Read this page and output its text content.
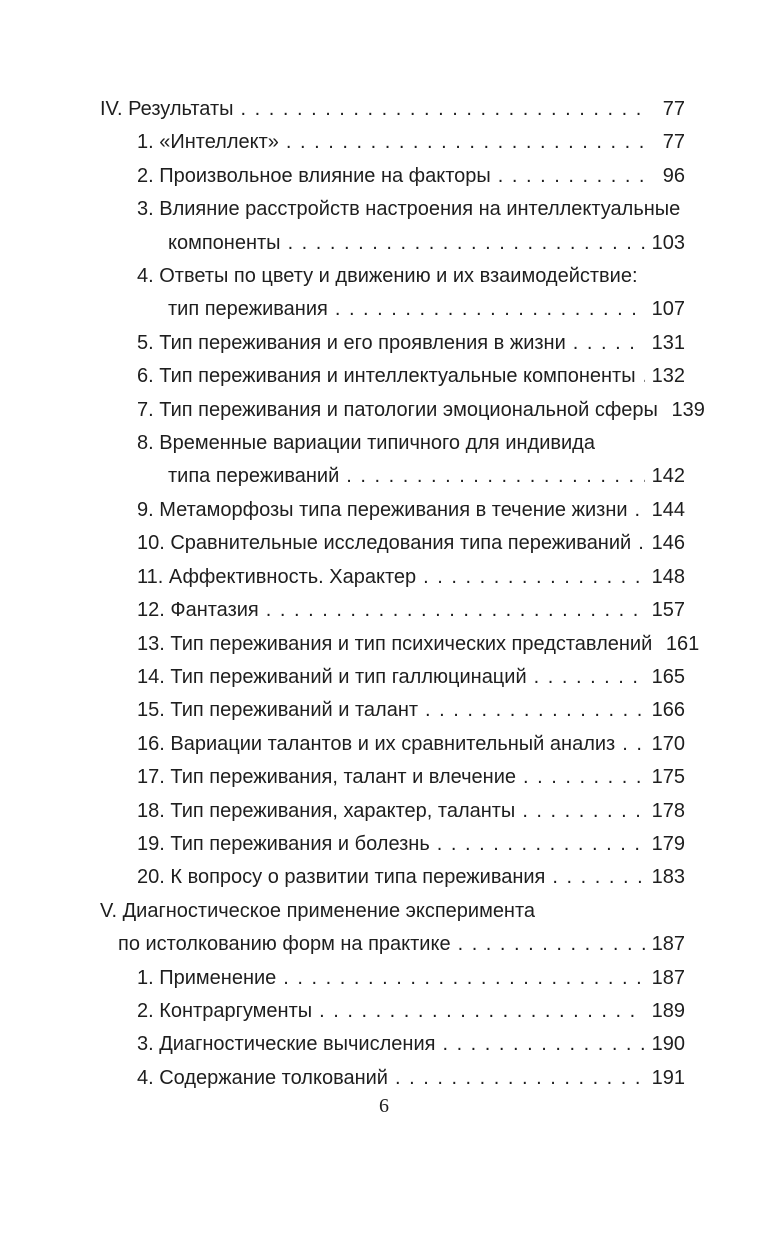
IV. Результаты . . .	77
1. «Интеллект» . . .	77
2. Произвольное влияние на факторы . . .	96
3. Влияние расстройств настроения на интеллектуальные
компоненты . . .	103
4. Ответы по цвету и движению и их взаимодействие:
тип переживания . . .	107
5. Тип переживания и его проявления в жизни . . .	131
6. Тип переживания и интеллектуальные компоненты . . . 132
7. Тип переживания и патологии эмоциональной сферы 139
8. Временные вариации типичного для индивида
типа переживаний . . .	142
9. Метаморфозы типа переживания в течение жизни . . . 144
10. Сравнительные исследования типа переживаний . . . 146
11. Аффективность. Характер . . .	148
12. Фантазия . . .	157
13. Тип переживания и тип психических представлений 161
14. Тип переживаний и тип галлюцинаций . . .	165
15. Тип переживаний и талант . . .	166
16. Вариации талантов и их сравнительный анализ . . . 170
17. Тип переживания, талант и влечение . . .	175
18. Тип переживания, характер, таланты . . .	178
19. Тип переживания и болезнь . . .	179
20. К вопросу о развитии типа переживания . . .	183
V. Диагностическое применение эксперимента
по истолкованию форм на практике . . .	187
1. Применение . . .	187
2. Контраргументы . . .	189
3. Диагностические вычисления . . .	190
4. Содержание толкований . . .	191
6
